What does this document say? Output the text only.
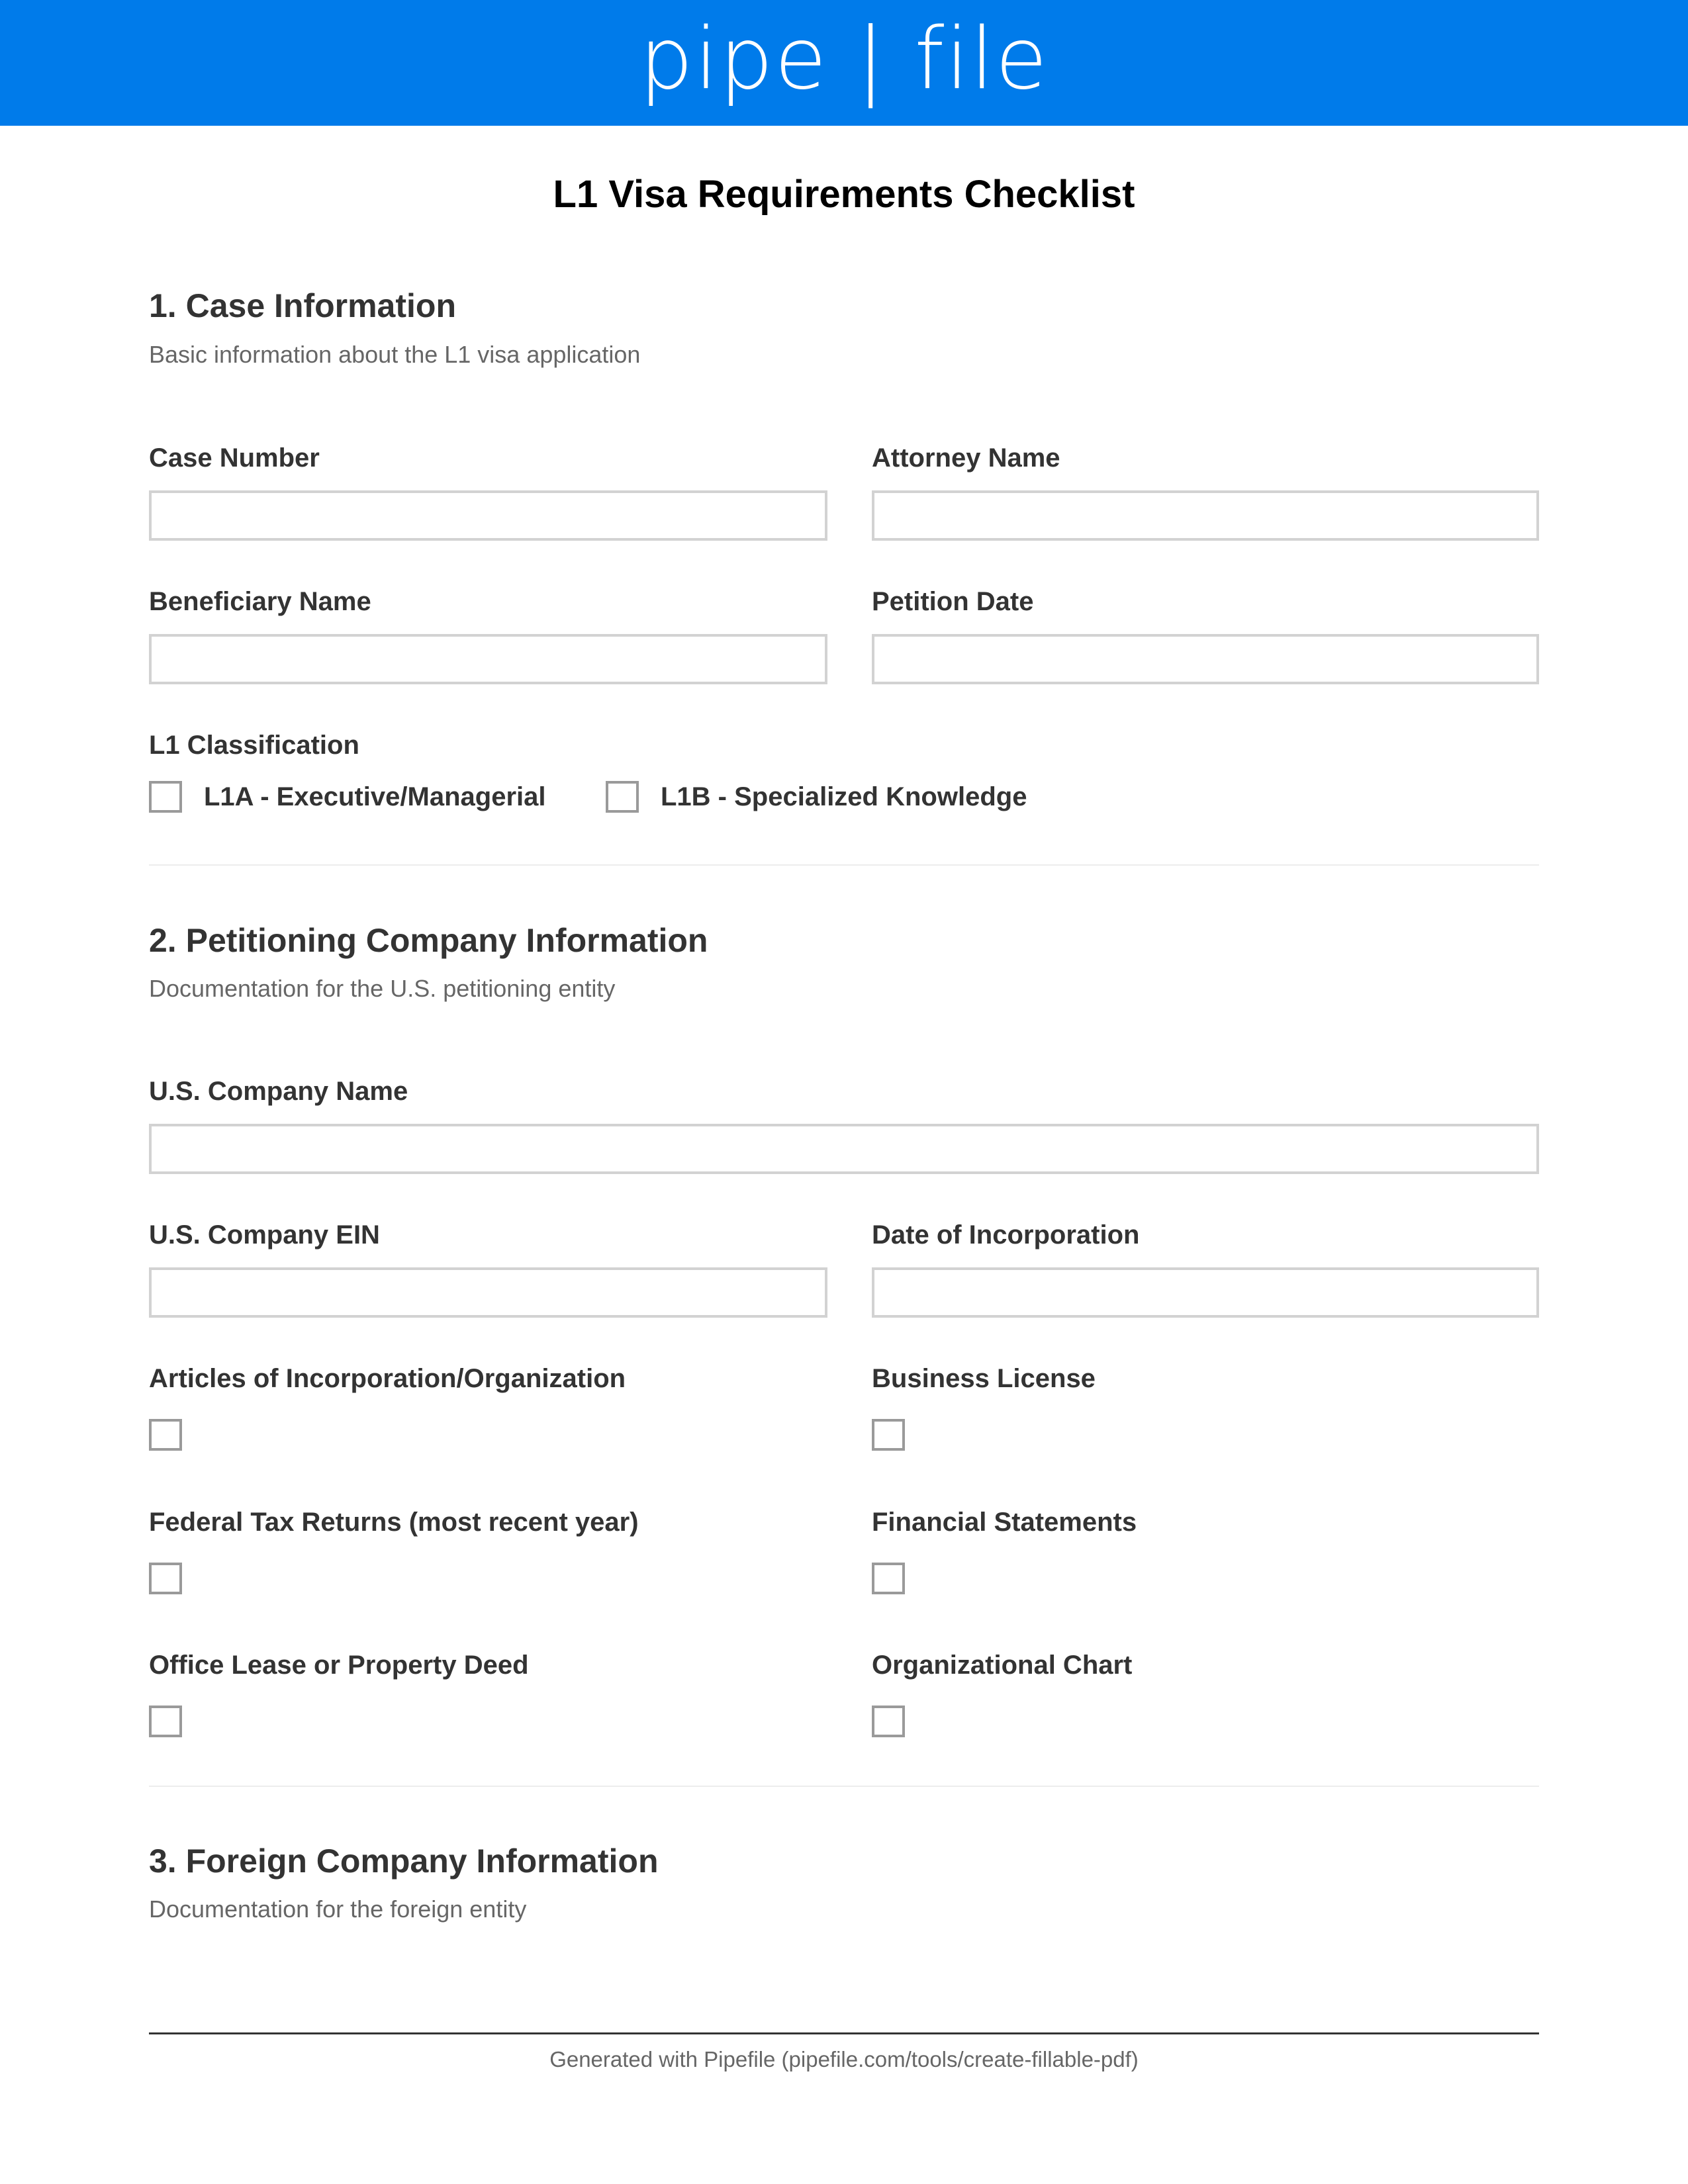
pipe | file
L1 Visa Requirements Checklist
1. Case Information

Basic information about the L1 visa application

Case Number	Attorney Name
Beneficiary Name	Petition Date
L1 Classification
L1A - Executive/Managerial	L1B - Specialized Knowledge
2. Petitioning Company Information

Documentation for the U.S. petitioning entity

U.S. Company Name
U.S. Company EIN	Date of Incorporation
Articles of Incorporation/Organization	Business License
Federal Tax Returns (most recent year)	Financial Statements
Office Lease or Property Deed	Organizational Chart
3. Foreign Company Information

Documentation for the foreign entity

Generated with Pipefile (pipefile.com/tools/create-fillable-pdf)
